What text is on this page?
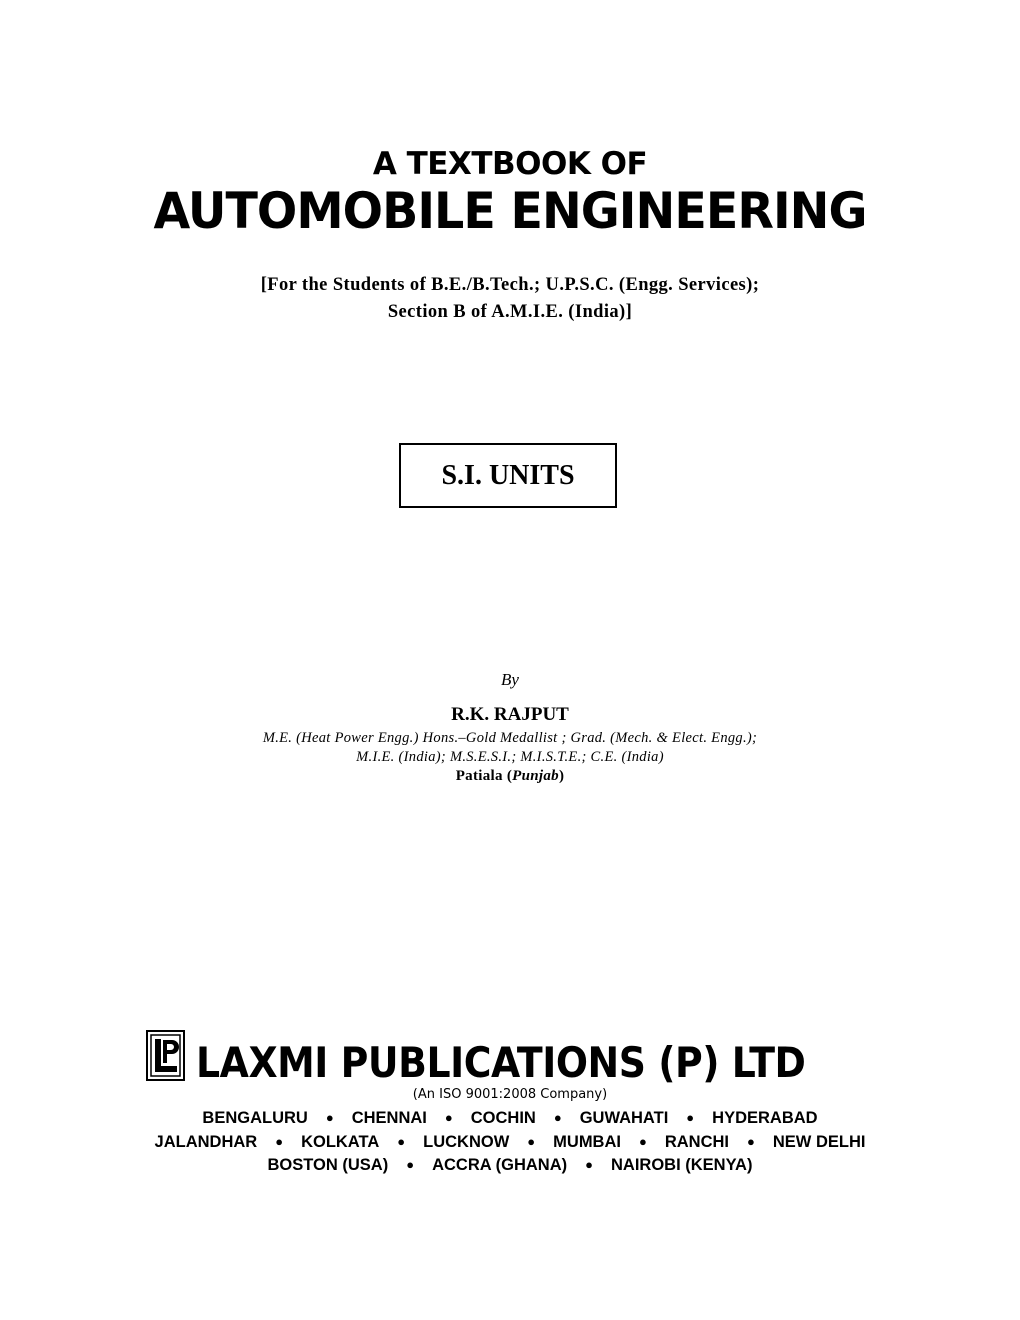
A TEXTBOOK OF
AUTOMOBILE ENGINEERING
[For the Students of B.E./B.Tech.; U.P.S.C. (Engg. Services);
Section B of A.M.I.E. (India)]
S.I. UNITS
By
R.K. RAJPUT
M.E. (Heat Power Engg.) Hons.–Gold Medallist ; Grad. (Mech. & Elect. Engg.);
M.I.E. (India); M.S.E.S.I.; M.I.S.T.E.; C.E. (India)
Patiala (Punjab)
LAXMI PUBLICATIONS (P) LTD
(An ISO 9001:2008 Company)
BENGALURU ● CHENNAI ● COCHIN ● GUWAHATI ● HYDERABAD
JALANDHAR ● KOLKATA ● LUCKNOW ● MUMBAI ● RANCHI ● NEW DELHI
BOSTON (USA) ● ACCRA (GHANA) ● NAIROBI (KENYA)
